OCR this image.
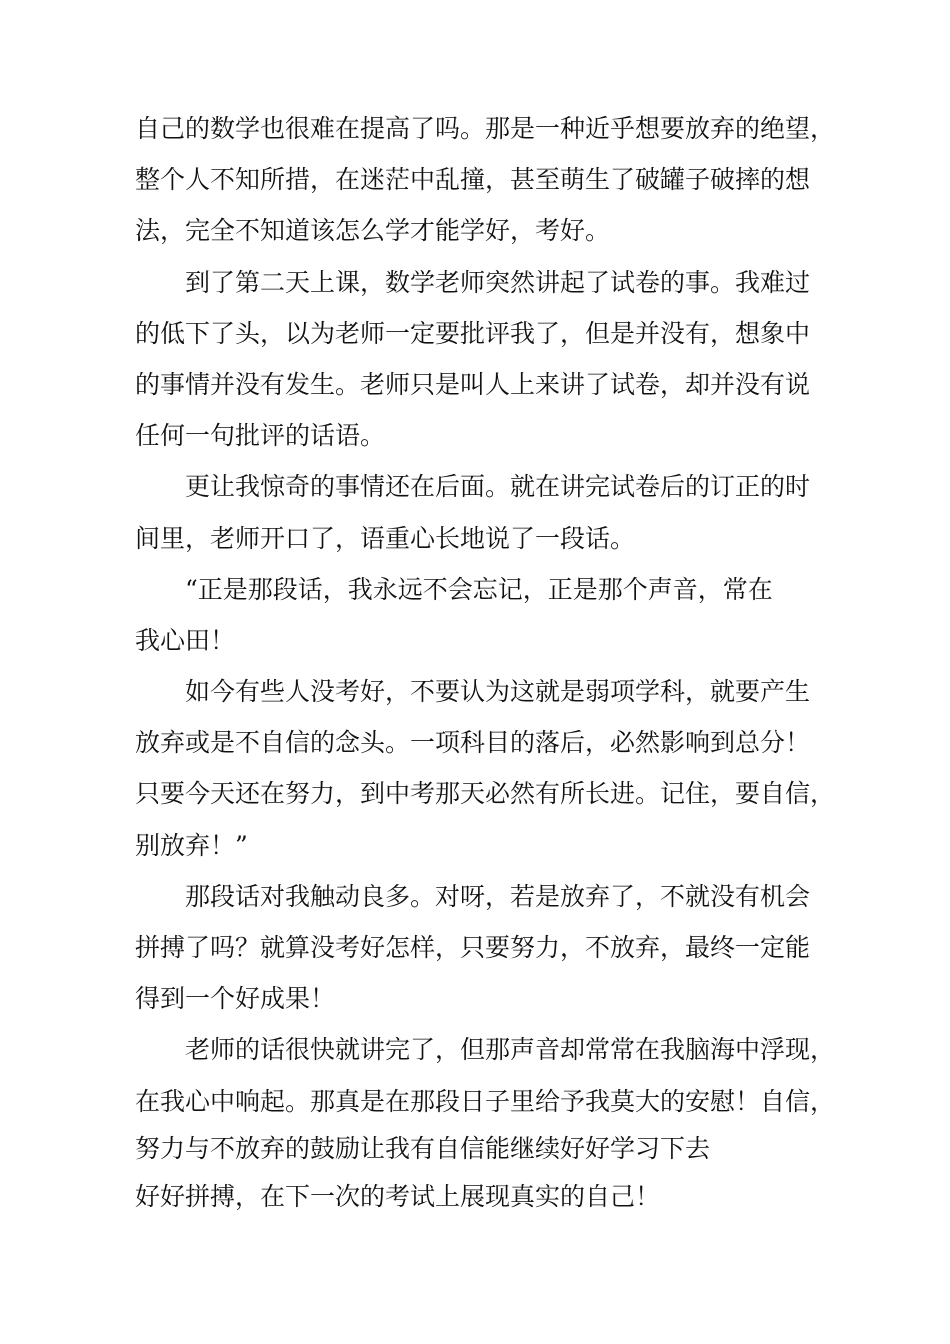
自己的数学也很难在提高了吗。那是一种近乎想要放弃的绝望，
整个人不知所措，在迷茫中乱撞，甚至萌生了破罐子破摔的想
法，完全不知道该怎么学才能学好，考好。
　　到了第二天上课，数学老师突然讲起了试卷的事。我难过
的低下了头，以为老师一定要批评我了，但是并没有，想象中
的事情并没有发生。老师只是叫人上来讲了试卷，却并没有说
任何一句批评的话语。
　　更让我惊奇的事情还在后面。就在讲完试卷后的订正的时
间里，老师开口了，语重心长地说了一段话。
　　“正是那段话，我永远不会忘记，正是那个声音，常在
我心田！
　　如今有些人没考好，不要认为这就是弱项学科，就要产生
放弃或是不自信的念头。一项科目的落后，必然影响到总分！
只要今天还在努力，到中考那天必然有所长进。记住，要自信，
别放弃！”
　　那段话对我触动良多。对呀，若是放弃了，不就没有机会
拼搏了吗？就算没考好怎样，只要努力，不放弃，最终一定能
得到一个好成果！
　　老师的话很快就讲完了，但那声音却常常在我脑海中浮现，
在我心中响起。那真是在那段日子里给予我莫大的安慰！自信，
努力与不放弃的鼓励让我有自信能继续好好学习下去
好好拼搏，在下一次的考试上展现真实的自己！
